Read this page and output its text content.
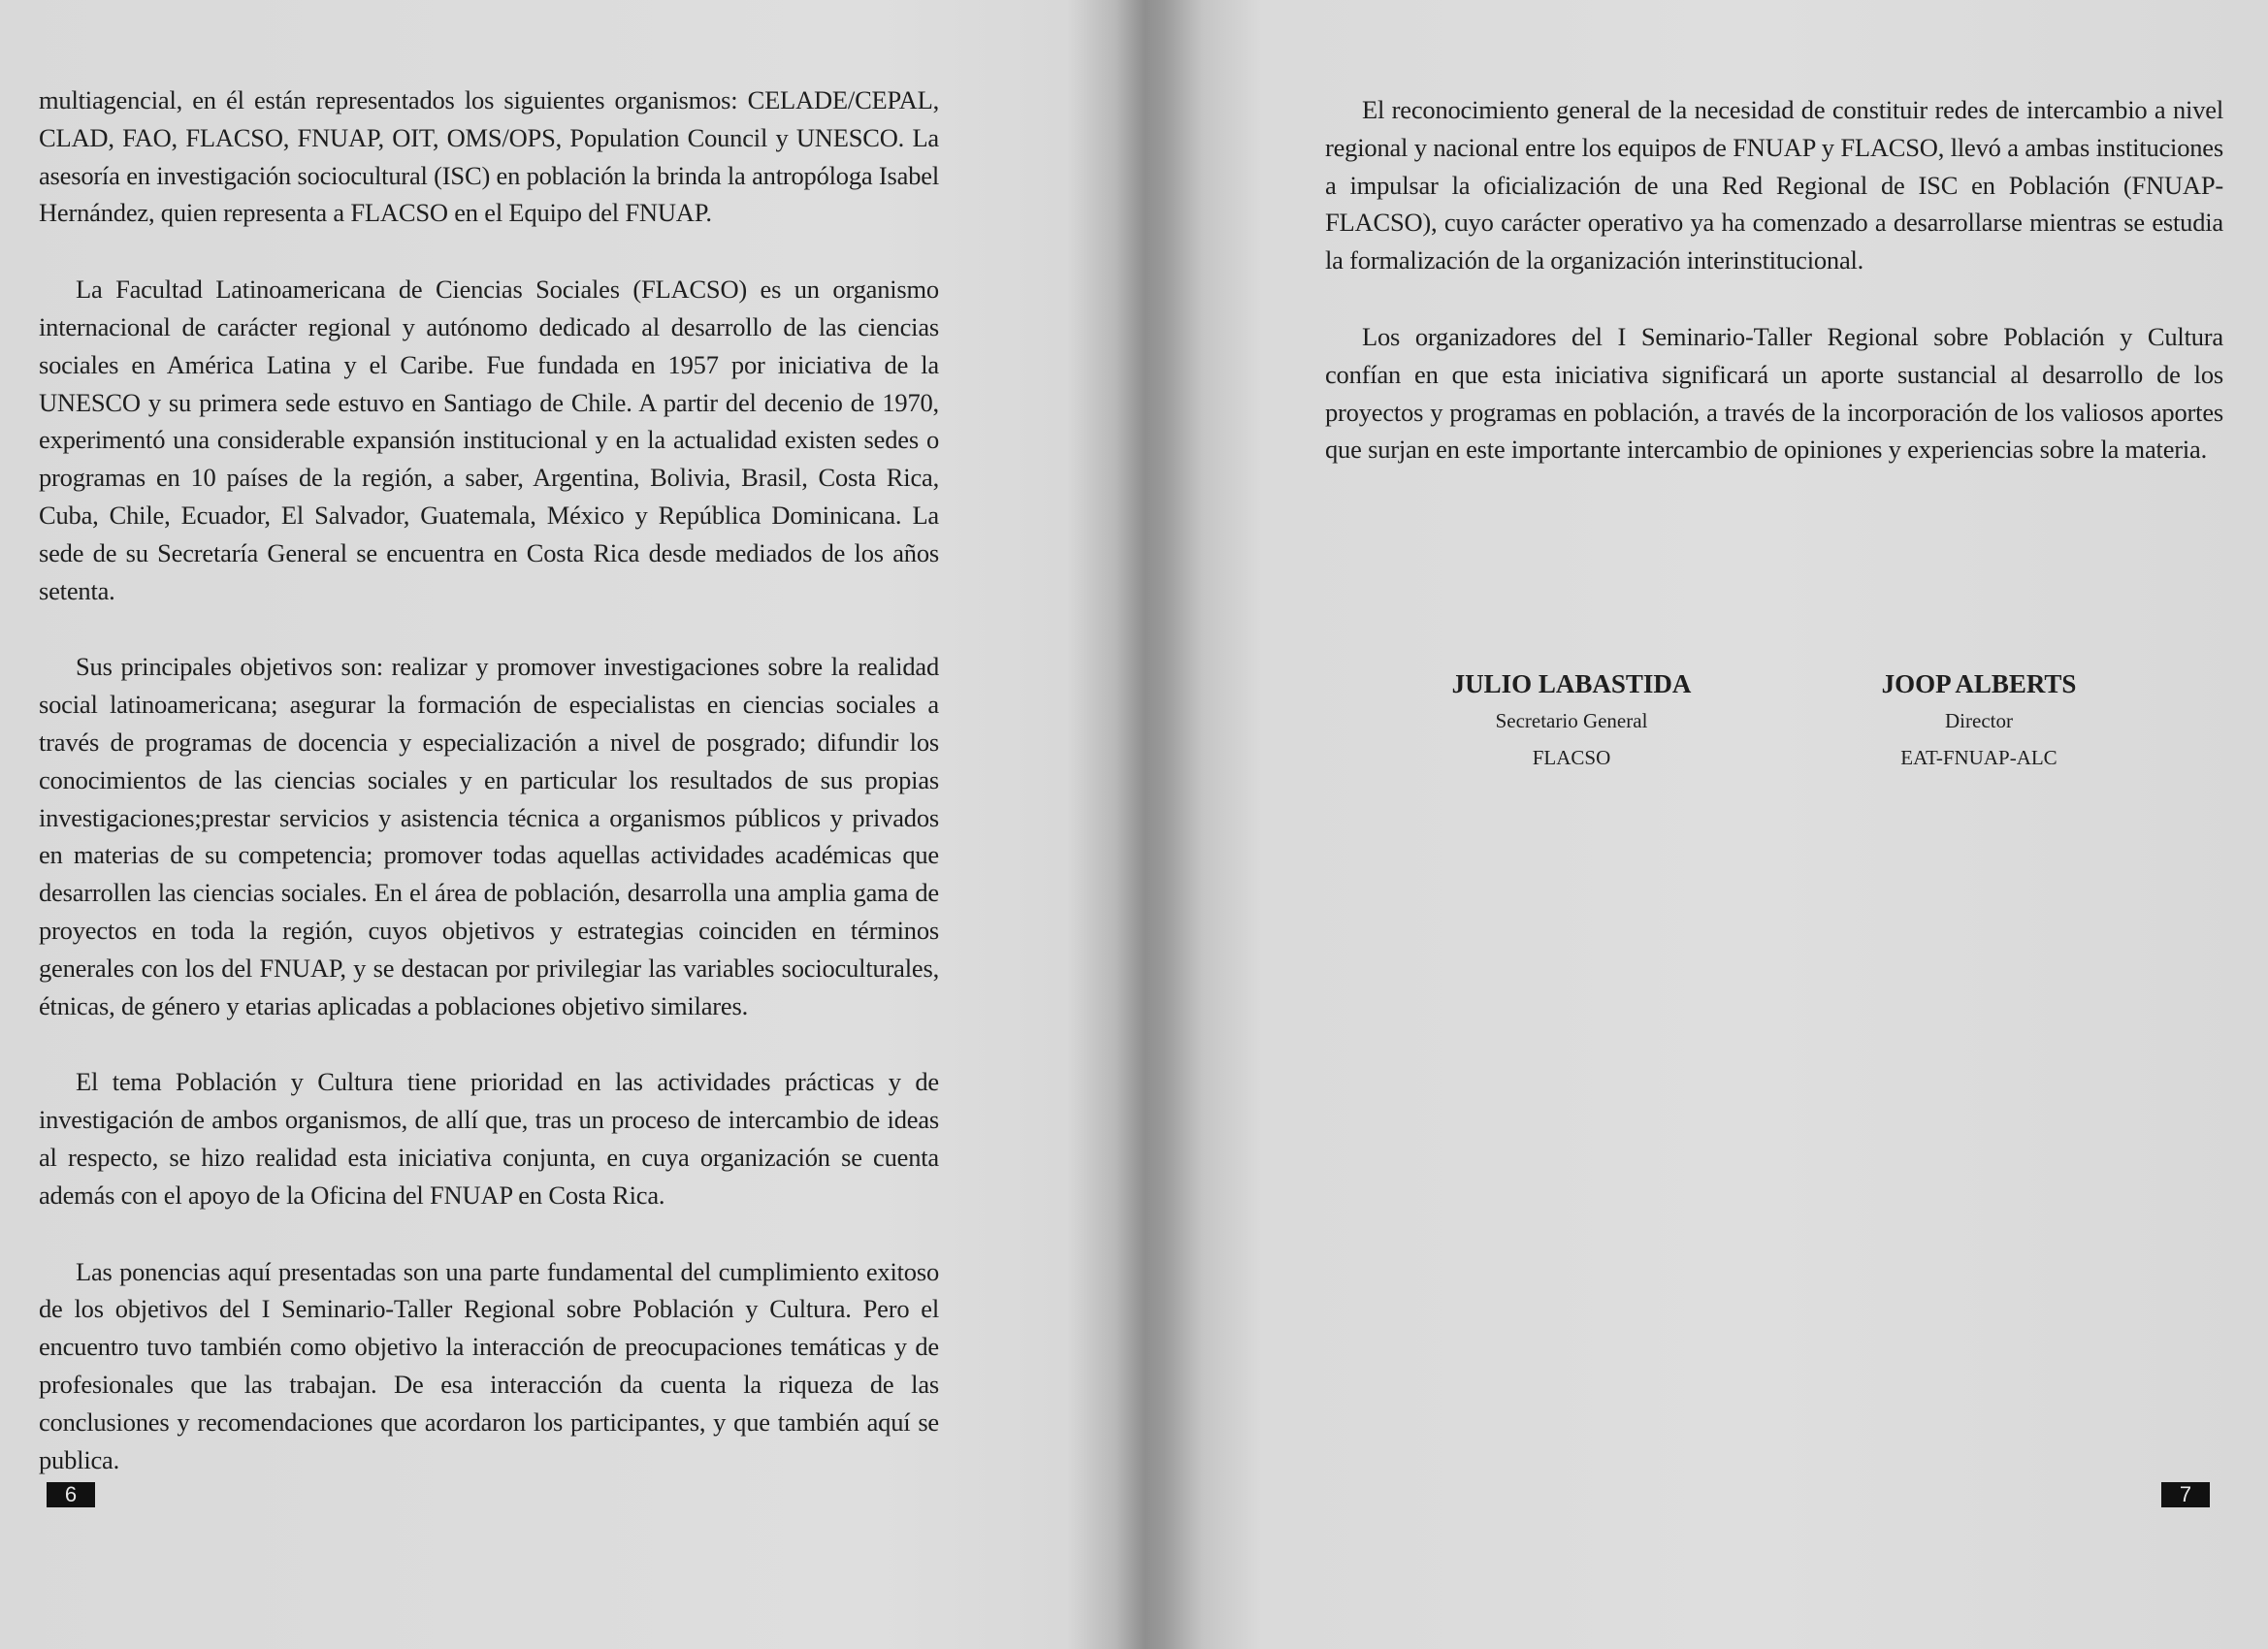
multiagencial, en él están representados los siguientes organismos: CELADE/CEPAL, CLAD, FAO, FLACSO, FNUAP, OIT, OMS/OPS, Population Council y UNESCO. La asesoría en investigación sociocultural (ISC) en población la brinda la antropóloga Isabel Hernández, quien representa a FLACSO en el Equipo del FNUAP.

La Facultad Latinoamericana de Ciencias Sociales (FLACSO) es un organismo internacional de carácter regional y autónomo dedicado al desarrollo de las ciencias sociales en América Latina y el Caribe. Fue fundada en 1957 por iniciativa de la UNESCO y su primera sede estuvo en Santiago de Chile. A partir del decenio de 1970, experimentó una considerable expansión institucional y en la actualidad existen sedes o programas en 10 países de la región, a saber, Argentina, Bolivia, Brasil, Costa Rica, Cuba, Chile, Ecuador, El Salvador, Guatemala, México y República Dominicana. La sede de su Secretaría General se encuentra en Costa Rica desde mediados de los años setenta.

Sus principales objetivos son: realizar y promover investigaciones sobre la realidad social latinoamericana; asegurar la formación de especialistas en ciencias sociales a través de programas de docencia y especialización a nivel de posgrado; difundir los conocimientos de las ciencias sociales y en particular los resultados de sus propias investigaciones;prestar servicios y asistencia técnica a organismos públicos y privados en materias de su competencia; promover todas aquellas actividades académicas que desarrollen las ciencias sociales. En el área de población, desarrolla una amplia gama de proyectos en toda la región, cuyos objetivos y estrategias coinciden en términos generales con los del FNUAP, y se destacan por privilegiar las variables socioculturales, étnicas, de género y etarias aplicadas a poblaciones objetivo similares.

El tema Población y Cultura tiene prioridad en las actividades prácticas y de investigación de ambos organismos, de allí que, tras un proceso de intercambio de ideas al respecto, se hizo realidad esta iniciativa conjunta, en cuya organización se cuenta además con el apoyo de la Oficina del FNUAP en Costa Rica.

Las ponencias aquí presentadas son una parte fundamental del cumplimiento exitoso de los objetivos del I Seminario-Taller Regional sobre Población y Cultura. Pero el encuentro tuvo también como objetivo la interacción de preocupaciones temáticas y de profesionales que las trabajan. De esa interacción da cuenta la riqueza de las conclusiones y recomendaciones que acordaron los participantes, y que también aquí se publica.

6

El reconocimiento general de la necesidad de constituir redes de intercambio a nivel regional y nacional entre los equipos de FNUAP y FLACSO, llevó a ambas instituciones a impulsar la oficialización de una Red Regional de ISC en Población (FNUAP-FLACSO), cuyo carácter operativo ya ha comenzado a desarrollarse mientras se estudia la formalización de la organización interinstitucional.

Los organizadores del I Seminario-Taller Regional sobre Población y Cultura confían en que esta iniciativa significará un aporte sustancial al desarrollo de los proyectos y programas en población, a través de la incorporación de los valiosos aportes que surjan en este importante intercambio de opiniones y experiencias sobre la materia.

JULIO LABASTIDA
Secretario General
FLACSO
JOOP ALBERTS
Director
EAT-FNUAP-ALC
7
